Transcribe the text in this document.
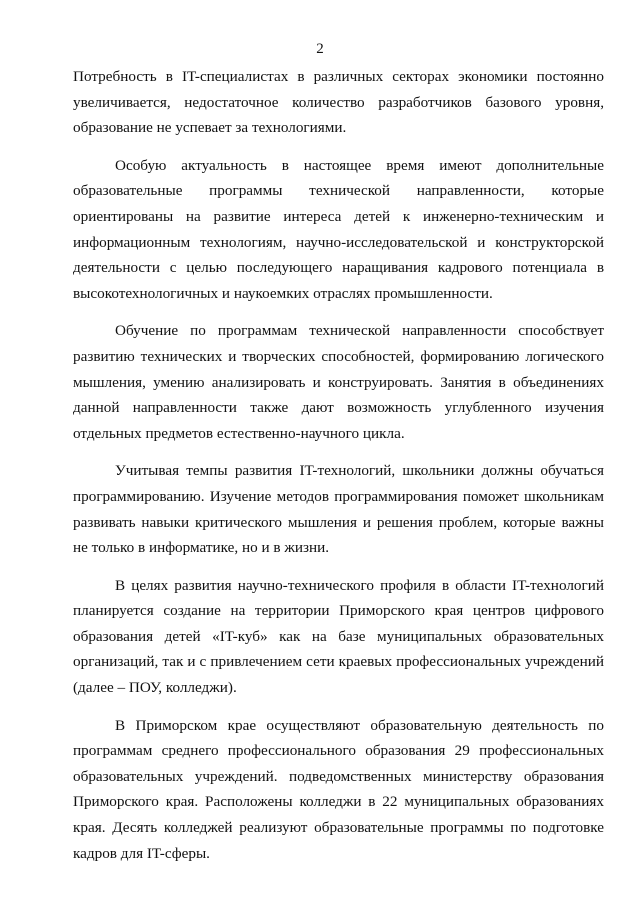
2

Потребность в IT-специалистах в различных секторах экономики постоянно увеличивается, недостаточное количество разработчиков базового уровня, образование не успевает за технологиями.

Особую актуальность в настоящее время имеют дополнительные образовательные программы технической направленности, которые ориентированы на развитие интереса детей к инженерно-техническим и информационным технологиям, научно-исследовательской и конструкторской деятельности с целью последующего наращивания кадрового потенциала в высокотехнологичных и наукоемких отраслях промышленности.

Обучение по программам технической направленности способствует развитию технических и творческих способностей, формированию логического мышления, умению анализировать и конструировать. Занятия в объединениях данной направленности также дают возможность углубленного изучения отдельных предметов естественно-научного цикла.

Учитывая темпы развития IT-технологий, школьники должны обучаться программированию. Изучение методов программирования поможет школьникам развивать навыки критического мышления и решения проблем, которые важны не только в информатике, но и в жизни.

В целях развития научно-технического профиля в области IT-технологий планируется создание на территории Приморского края центров цифрового образования детей «IT-куб» как на базе муниципальных образовательных организаций, так и с привлечением сети краевых профессиональных учреждений (далее – ПОУ, колледжи).

В Приморском крае осуществляют образовательную деятельность по программам среднего профессионального образования 29 профессиональных образовательных учреждений. подведомственных министерству образования Приморского края. Расположены колледжи в 22 муниципальных образованиях края. Десять колледжей реализуют образовательные программы по подготовке кадров для IT-сферы.
